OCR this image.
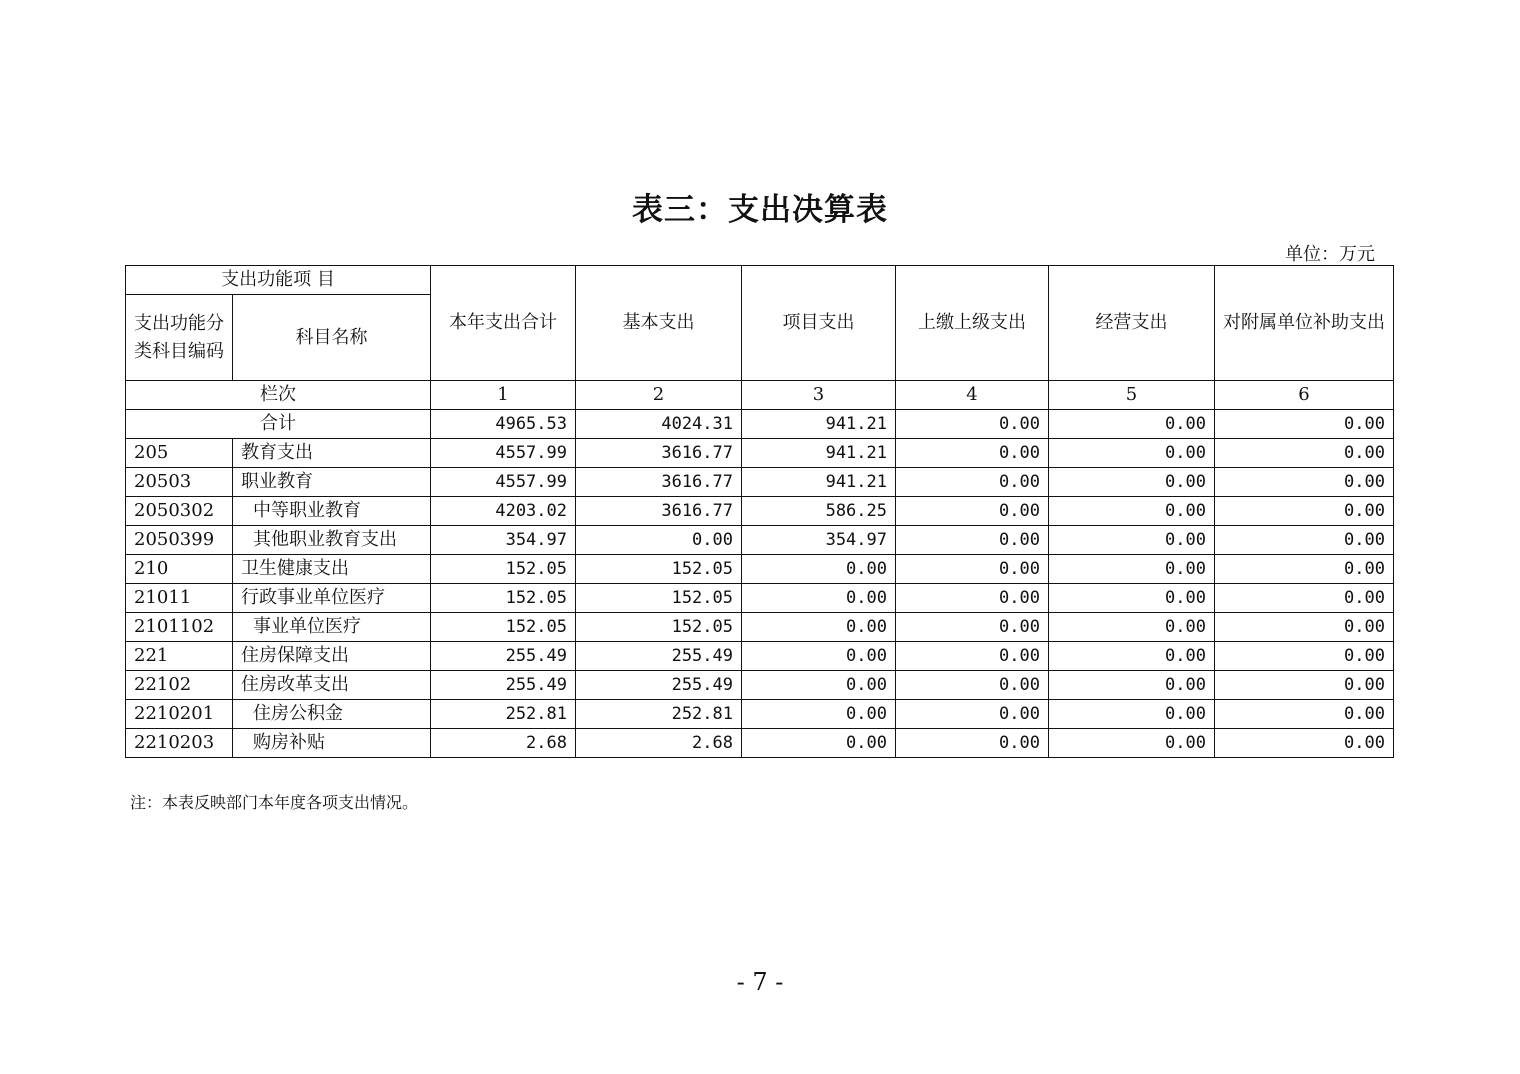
表三：支出决算表
单位：万元
支出功能项 目		本年支出合计	基本支出	项目支出	上缴上级支出	经营支出	对附属单位补助支出
支出功能分类科目编码	科目名称						
栏次		1	2	3	4	5	6
合计		4965.53	4024.31	941.21	0.00	0.00	0.00
205	教育支出	4557.99	3616.77	941.21	0.00	0.00	0.00
20503	职业教育	4557.99	3616.77	941.21	0.00	0.00	0.00
2050302	中等职业教育	4203.02	3616.77	586.25	0.00	0.00	0.00
2050399	其他职业教育支出	354.97	0.00	354.97	0.00	0.00	0.00
210	卫生健康支出	152.05	152.05	0.00	0.00	0.00	0.00
21011	行政事业单位医疗	152.05	152.05	0.00	0.00	0.00	0.00
2101102	事业单位医疗	152.05	152.05	0.00	0.00	0.00	0.00
221	住房保障支出	255.49	255.49	0.00	0.00	0.00	0.00
22102	住房改革支出	255.49	255.49	0.00	0.00	0.00	0.00
2210201	住房公积金	252.81	252.81	0.00	0.00	0.00	0.00
2210203	购房补贴	2.68	2.68	0.00	0.00	0.00	0.00
注：本表反映部门本年度各项支出情况。
- 7 -
